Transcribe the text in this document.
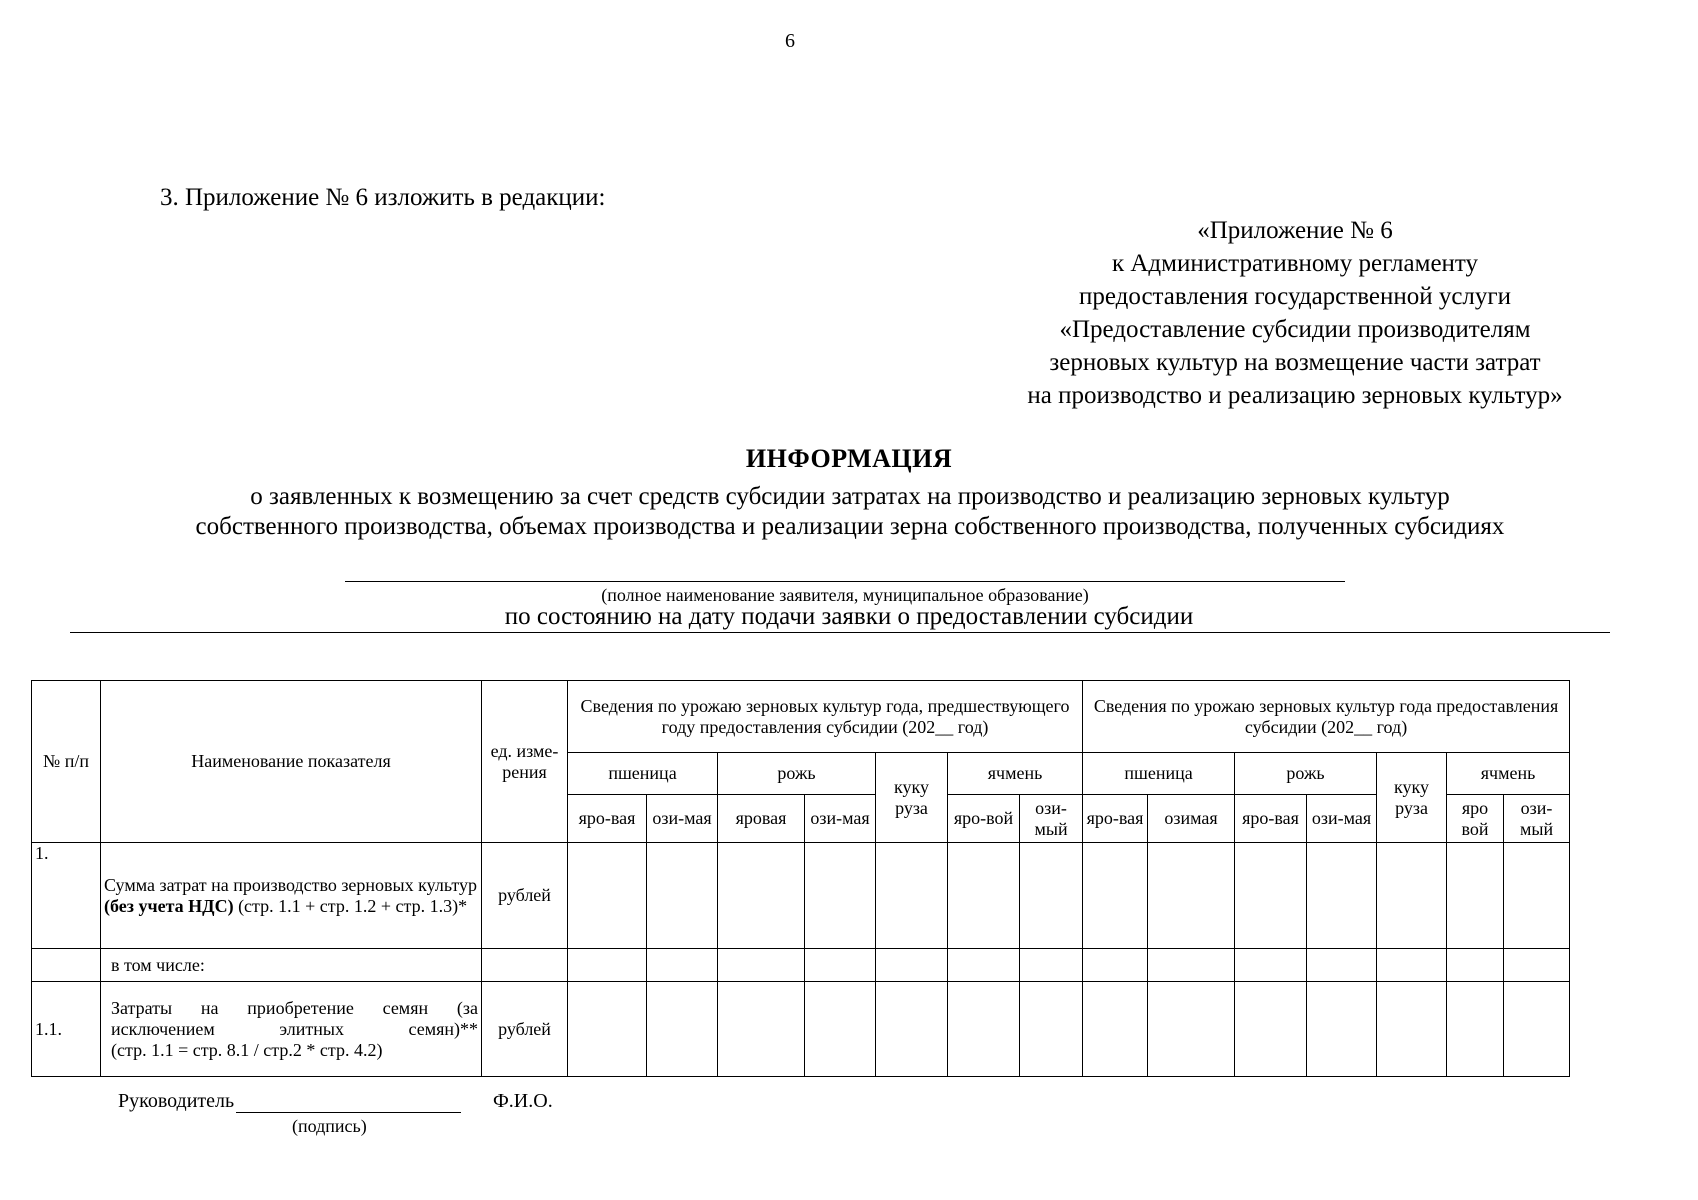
6
3. Приложение № 6 изложить в редакции:
«Приложение № 6
к Административному регламенту
предоставления государственной услуги
«Предоставление субсидии производителям
зерновых культур на возмещение части затрат
на производство и реализацию зерновых культур»
ИНФОРМАЦИЯ
о заявленных к возмещению за счет средств субсидии затратах на производство и реализацию зерновых культур
собственного производства, объемах производства и реализации зерна собственного производства, полученных субсидиях
(полное наименование заявителя, муниципальное образование)
по состоянию на дату подачи заявки о предоставлении субсидии
№ п/п	Наименование показателя	ед. изме-рения	Сведения по урожаю зерновых культур года, предшествующего году предоставления субсидии (202__ год)							Сведения по урожаю зерновых культур года предоставления субсидии (202__ год)						
			пшеница		рожь		куку руза	ячмень		пшеница		рожь		куку руза	ячмень	
			яро-вая	ози-мая	яровая	ози-мая		яро-вой	ози-мый	яро-вая	озимая	яро-вая	ози-мая		яро вой	ози-мый
1.	Сумма затрат на производство зерновых культур (без учета НДС) (стр. 1.1 + стр. 1.2 + стр. 1.3)*	рублей														
	в том числе:															
1.1.	Затраты на приобретение семян (за
исключением элитных семян)**
(стр. 1.1 = стр. 8.1 / стр.2 * стр. 4.2)	рублей														
Руководитель	Ф.И.О.
(подпись)
